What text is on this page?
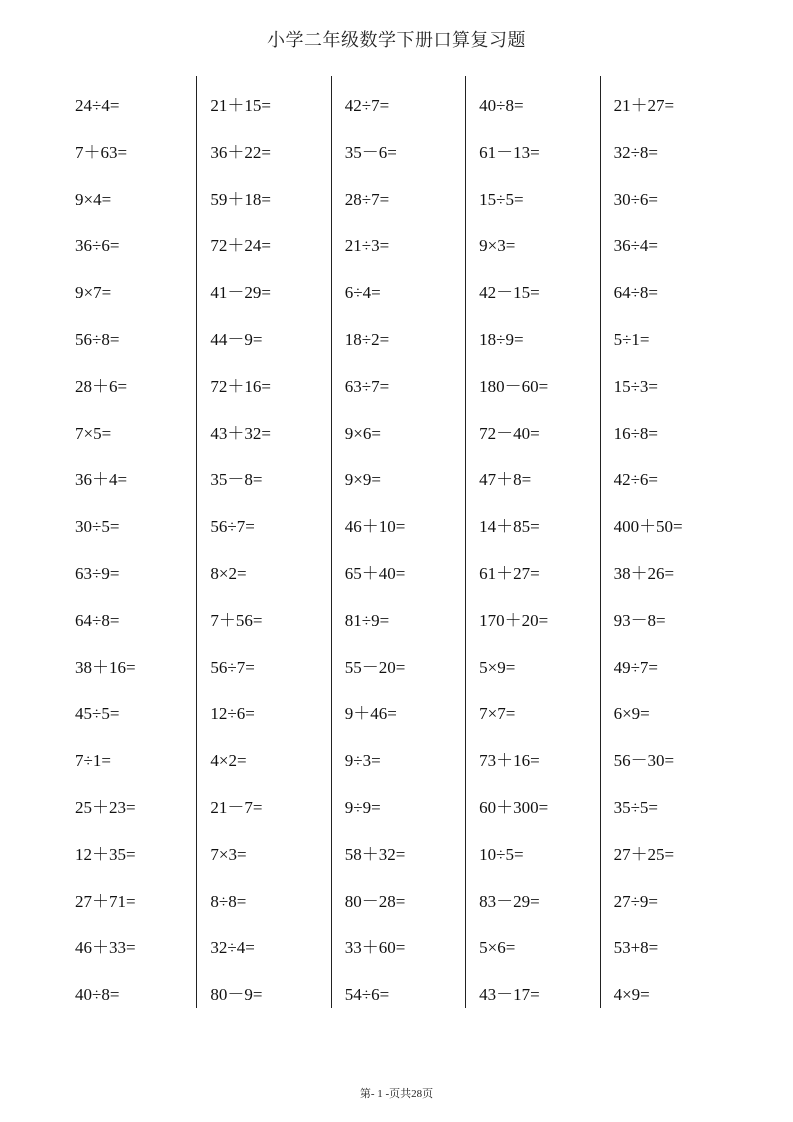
小学二年级数学下册口算复习题
24÷4=
7＋63=
9×4=
36÷6=
9×7=
56÷8=
28＋6=
7×5=
36＋4=
30÷5=
63÷9=
64÷8=
38＋16=
45÷5=
7÷1=
25＋23=
12＋35=
27＋71=
46＋33=
40÷8=
21＋15=
36＋22=
59＋18=
72＋24=
41－29=
44－9=
72＋16=
43＋32=
35－8=
56÷7=
8×2=
7＋56=
56÷7=
12÷6=
4×2=
21－7=
7×3=
8÷8=
32÷4=
80－9=
42÷7=
35－6=
28÷7=
21÷3=
6÷4=
18÷2=
63÷7=
9×6=
9×9=
46＋10=
65＋40=
81÷9=
55－20=
9＋46=
9÷3=
9÷9=
58＋32=
80－28=
33＋60=
54÷6=
40÷8=
61－13=
15÷5=
9×3=
42－15=
18÷9=
180－60=
72－40=
47＋8=
14＋85=
61＋27=
170＋20=
5×9=
7×7=
73＋16=
60＋300=
10÷5=
83－29=
5×6=
43－17=
21＋27=
32÷8=
30÷6=
36÷4=
64÷8=
5÷1=
15÷3=
16÷8=
42÷6=
400＋50=
38＋26=
93－8=
49÷7=
6×9=
56－30=
35÷5=
27＋25=
27÷9=
53+8=
4×9=
第- 1 -页共28页
